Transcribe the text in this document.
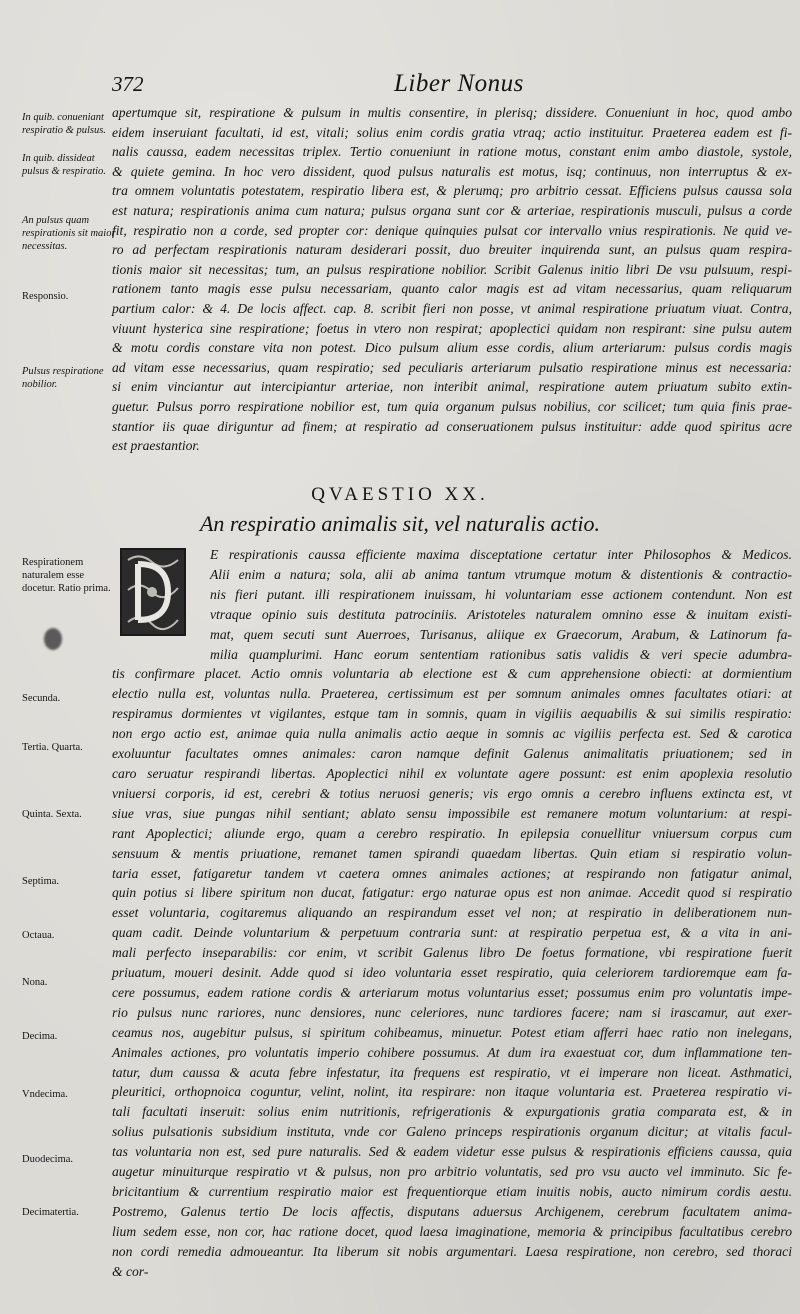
372	Liber Nonus
In quib. conueniant respiratio & pulsus.
In quib. dissideat pulsus & respiratio.
An pulsus quam respirationis sit maior necessitas.
Responsio.
Pulsus respiratione nobilior.
Respirationem naturalem esse docetur. Ratio prima.
Secunda.
Tertia. Quarta.
Quinta. Sexta.
Septima.
Octaua.
Nona.
Decima.
Vndecima.
Duodecima.
Decimatertia.

apertumque sit, respiratione & pulsum in multis consentire, in plerisq; dissidere. Conueniunt in hoc, quod ambo

eidem inseruiant facultati, id est, vitali; solius enim cordis gratia vtraq; actio instituitur. Praeterea eadem est fi-

nalis caussa, eadem necessitas triplex. Tertio conueniunt in ratione motus, constant enim ambo diastole, systole,

& quiete gemina. In hoc vero dissident, quod pulsus naturalis est motus, isq; continuus, non interruptus & ex-

tra omnem voluntatis potestatem, respiratio libera est, & plerumq; pro arbitrio cessat. Efficiens pulsus caussa sola

est natura; respirationis anima cum natura; pulsus organa sunt cor & arteriae, respirationis musculi, pulsus a corde

fit, respiratio non a corde, sed propter cor: denique quinquies pulsat cor intervallo vnius respirationis. Ne quid ve-

ro ad perfectam respirationis naturam desiderari possit, duo breuiter inquirenda sunt, an pulsus quam respira-

tionis maior sit necessitas; tum, an pulsus respiratione nobilior. Scribit Galenus initio libri De vsu pulsuum, respi-

rationem tanto magis esse pulsu necessariam, quanto calor magis est ad vitam necessarius, quam reliquarum

partium calor: & 4. De locis affect. cap. 8. scribit fieri non posse, vt animal respiratione priuatum viuat. Contra,

viuunt hysterica sine respiratione; foetus in vtero non respirat; apoplectici quidam non respirant: sine pulsu autem

& motu cordis constare vita non potest. Dico pulsum alium esse cordis, alium arteriarum: pulsus cordis magis

ad vitam esse necessarius, quam respiratio; sed peculiaris arteriarum pulsatio respiratione minus est necessaria:

si enim vinciantur aut intercipiantur arteriae, non interibit animal, respiratione autem priuatum subito extin-

guetur. Pulsus porro respiratione nobilior est, tum quia organum pulsus nobilius, cor scilicet; tum quia finis prae-

stantior iis quae diriguntur ad finem; at respiratio ad conseruationem pulsus instituitur: adde quod spiritus acre

est praestantior.

QVAESTIO XX.
An respiratio animalis sit, vel naturalis actio.

E respirationis caussa efficiente maxima disceptatione certatur inter Philosophos & Medicos.

Alii enim a natura; sola, alii ab anima tantum vtrumque motum & distentionis & contractio-

nis fieri putant. illi respirationem inuissam, hi voluntariam esse actionem contendunt. Non est

vtraque opinio suis destituta patrociniis. Aristoteles naturalem omnino esse & inuitam existi-

mat, quem secuti sunt Auerroes, Turisanus, aliique ex Graecorum, Arabum, & Latinorum fa-

milia quamplurimi. Hanc eorum sententiam rationibus satis validis & veri specie adumbra-

tis confirmare placet. Actio omnis voluntaria ab electione est & cum apprehensione obiecti: at dormientium

electio nulla est, voluntas nulla. Praeterea, certissimum est per somnum animales omnes facultates otiari: at

respiramus dormientes vt vigilantes, estque tam in somnis, quam in vigiliis aequabilis & sui similis respiratio:

non ergo actio est, animae quia nulla animalis actio aeque in somnis ac vigiliis perfecta est. Sed & carotica

exoluuntur facultates omnes animales: caron namque definit Galenus animalitatis priuationem; sed in

caro seruatur respirandi libertas. Apoplectici nihil ex voluntate agere possunt: est enim apoplexia resolutio

vniuersi corporis, id est, cerebri & totius neruosi generis; vis ergo omnis a cerebro influens extincta est, vt

siue vras, siue pungas nihil sentiant; ablato sensu impossibile est remanere motum voluntarium: at respi-

rant Apoplectici; aliunde ergo, quam a cerebro respiratio. In epilepsia conuellitur vniuersum corpus cum

sensuum & mentis priuatione, remanet tamen spirandi quaedam libertas. Quin etiam si respiratio volun-

taria esset, fatigaretur tandem vt caetera omnes animales actiones; at respirando non fatigatur animal,

quin potius si libere spiritum non ducat, fatigatur: ergo naturae opus est non animae. Accedit quod si respiratio

esset voluntaria, cogitaremus aliquando an respirandum esset vel non; at respiratio in deliberationem nun-

quam cadit. Deinde voluntarium & perpetuum contraria sunt: at respiratio perpetua est, & a vita in ani-

mali perfecto inseparabilis: cor enim, vt scribit Galenus libro De foetus formatione, vbi respiratione fuerit

priuatum, moueri desinit. Adde quod si ideo voluntaria esset respiratio, quia celeriorem tardioremque eam fa-

cere possumus, eadem ratione cordis & arteriarum motus voluntarius esset; possumus enim pro voluntatis impe-

rio pulsus nunc rariores, nunc densiores, nunc celeriores, nunc tardiores facere; nam si irascamur, aut exer-

ceamus nos, augebitur pulsus, si spiritum cohibeamus, minuetur. Potest etiam afferri haec ratio non inelegans,

Animales actiones, pro voluntatis imperio cohibere possumus. At dum ira exaestuat cor, dum inflammatione ten-

tatur, dum caussa & acuta febre infestatur, ita frequens est respiratio, vt ei imperare non liceat. Asthmatici,

pleuritici, orthopnoica coguntur, velint, nolint, ita respirare: non itaque voluntaria est. Praeterea respiratio vi-

tali facultati inseruit: solius enim nutritionis, refrigerationis & expurgationis gratia comparata est, & in

solius pulsationis subsidium instituta, vnde cor Galeno princeps respirationis organum dicitur; at vitalis facul-

tas voluntaria non est, sed pure naturalis. Sed & eadem videtur esse pulsus & respirationis efficiens caussa, quia

augetur minuiturque respiratio vt & pulsus, non pro arbitrio voluntatis, sed pro vsu aucto vel imminuto. Sic fe-

bricitantium & currentium respiratio maior est frequentiorque etiam inuitis nobis, aucto nimirum cordis aestu.

Postremo, Galenus tertio De locis affectis, disputans aduersus Archigenem, cerebrum facultatem anima-

lium sedem esse, non cor, hac ratione docet, quod laesa imaginatione, memoria & principibus facultatibus cerebro

non cordi remedia admoueantur. Ita liberum sit nobis argumentari. Laesa respiratione, non cerebro, sed thoraci

& cor-
